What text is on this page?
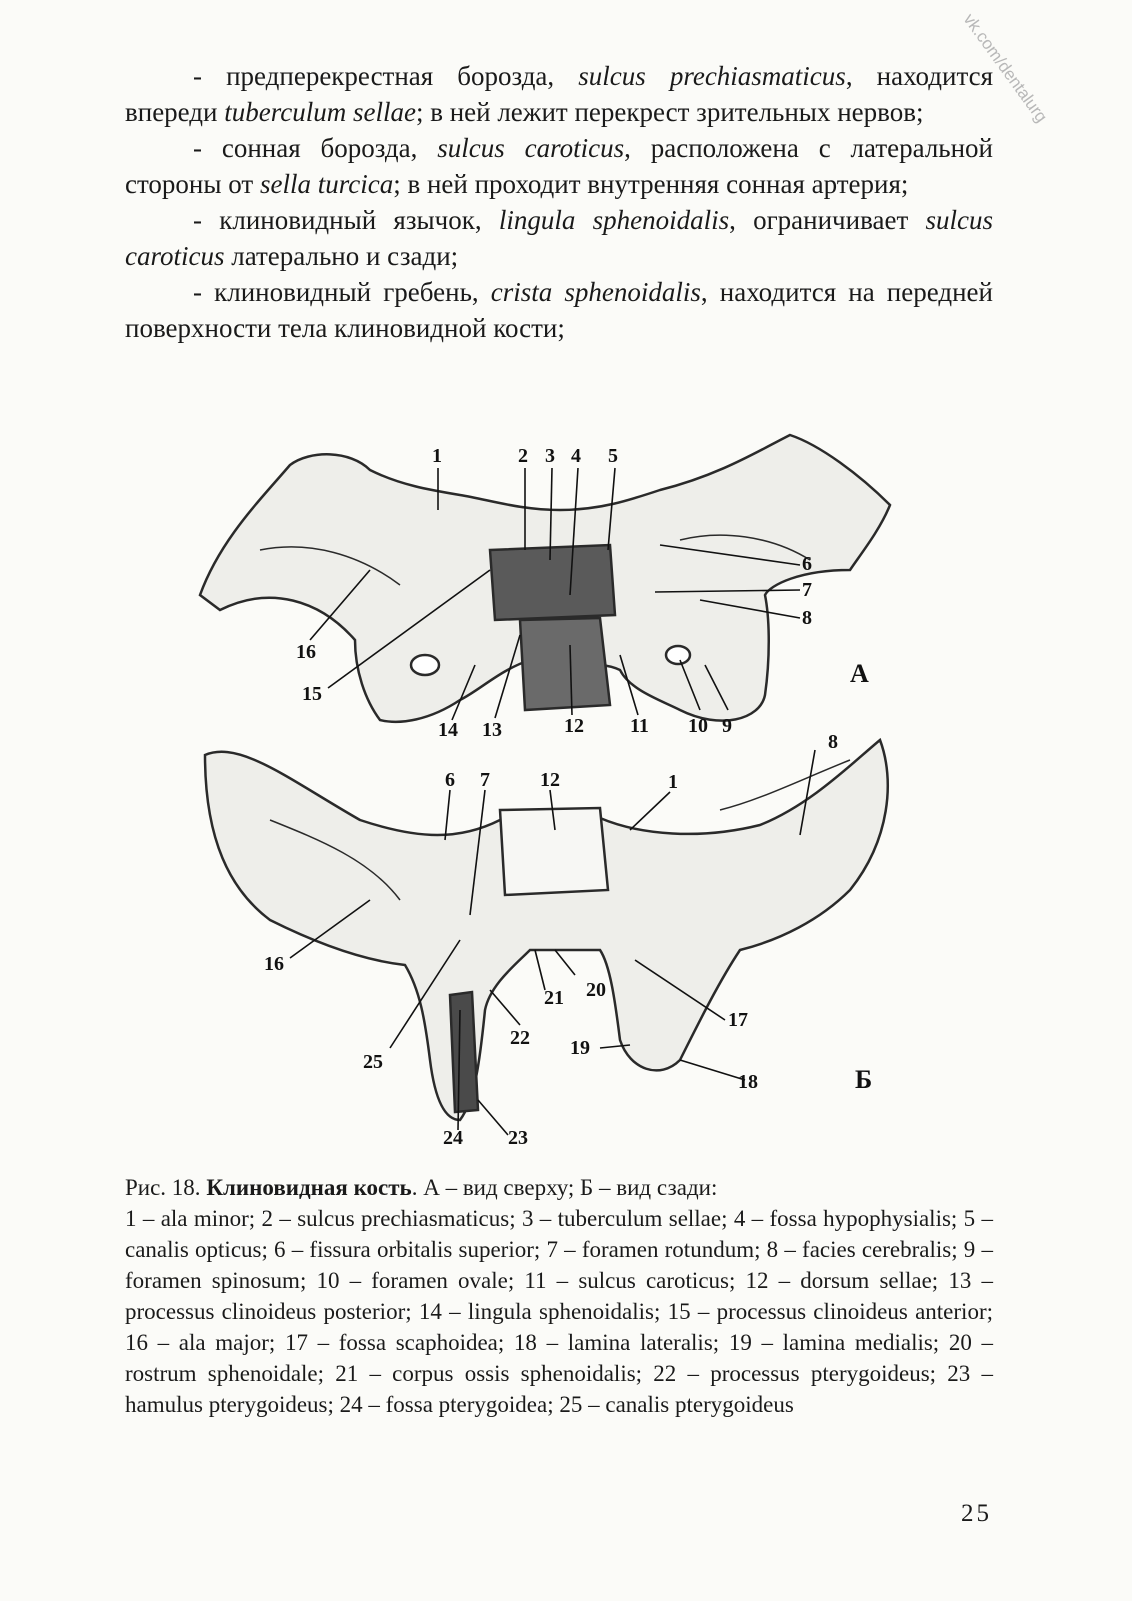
vk.com/dentalurg

- предперекрестная борозда, sulcus prechiasmaticus, находится впереди tuberculum sellae; в ней лежит перекрест зрительных нервов;

- сонная борозда, sulcus caroticus, расположена с латеральной стороны от sella turcica; в ней проходит внутренняя сонная артерия;

- клиновидный язычок, lingula sphenoidalis, ограничивает sulcus caroticus латерально и сзади;

- клиновидный гребень, crista sphenoidalis, находится на передней поверхности тела клиновидной кости;

1	2 3 4 5
6
7
8
9
10
11
12
13
14
15
16
А
1
6 7
8
12
16
17
18
19
20
21
22
23
24
25
Б
Рис. 18. Клиновидная кость. А – вид сверху; Б – вид сзади:
1 – ala minor; 2 – sulcus prechiasmaticus; 3 – tuberculum sellae; 4 – fossa hypophysialis; 5 – canalis opticus; 6 – fissura orbitalis superior; 7 – foramen rotundum; 8 – facies cerebralis; 9 – foramen spinosum; 10 – foramen ovale; 11 – sulcus caroticus; 12 – dorsum sellae; 13 – processus clinoideus posterior; 14 – lingula sphenoidalis; 15 – processus clinoideus anterior; 16 – ala major; 17 – fossa scaphoidea; 18 – lamina lateralis; 19 – lamina medialis; 20 – rostrum sphenoidale; 21 – corpus ossis sphenoidalis; 22 – processus pterygoideus; 23 – hamulus pterygoideus; 24 – fossa pterygoidea; 25 – canalis pterygoideus
25
